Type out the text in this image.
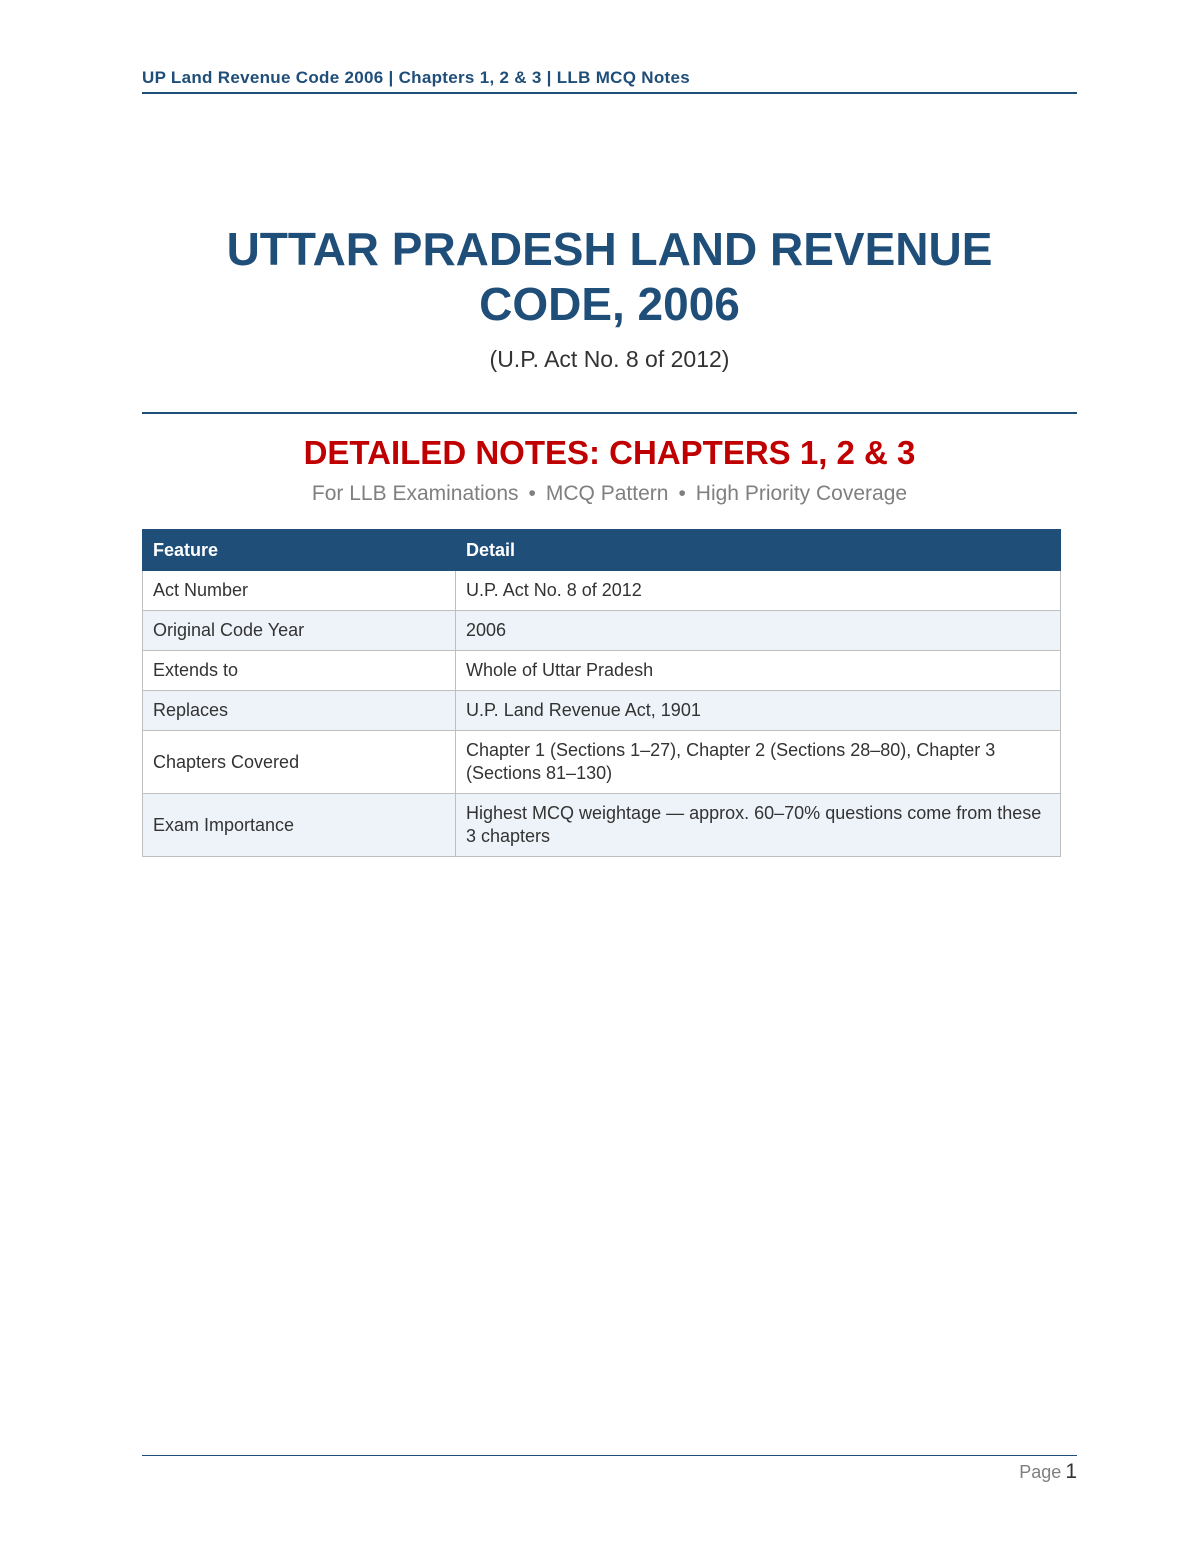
UP Land Revenue Code 2006 | Chapters 1, 2 & 3 | LLB MCQ Notes
UTTAR PRADESH LAND REVENUE
CODE, 2006
(U.P. Act No. 8 of 2012)
DETAILED NOTES: CHAPTERS 1, 2 & 3
For LLB Examinations • MCQ Pattern • High Priority Coverage
Feature	Detail
Act Number	U.P. Act No. 8 of 2012
Original Code Year	2006
Extends to	Whole of Uttar Pradesh
Replaces	U.P. Land Revenue Act, 1901
Chapters Covered	Chapter 1 (Sections 1–27), Chapter 2 (Sections 28–80), Chapter 3 (Sections 81–130)
Exam Importance	Highest MCQ weightage — approx. 60–70% questions come from these 3 chapters
Page 1
